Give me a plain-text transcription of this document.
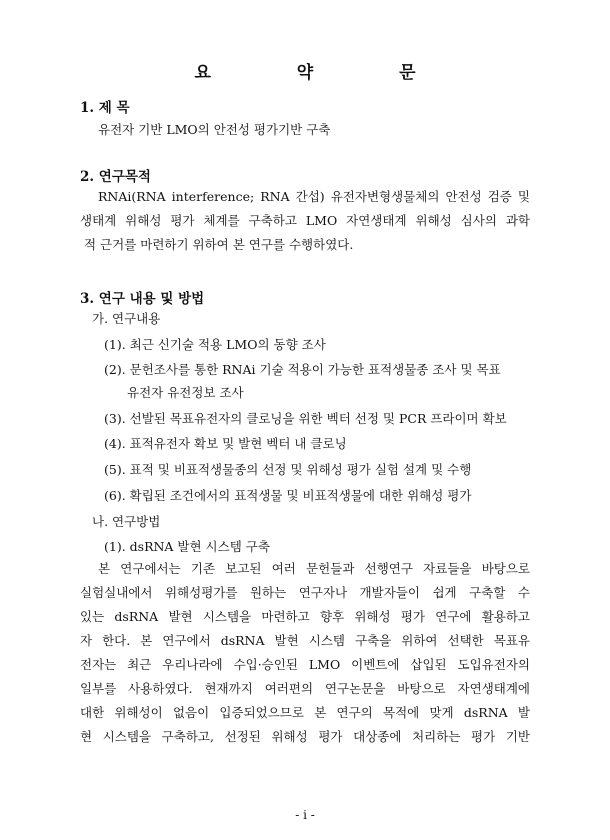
요 약 문
1. 제 목
유전자 기반 LMO의 안전성 평가기반 구축
2. 연구목적
RNAi(RNA interference; RNA 간섭) 유전자변형생물체의 안전성 검증 및
생태계 위해성 평가 체계를 구축하고 LMO 자연생태계 위해성 심사의 과학
적 근거를 마련하기 위하여 본 연구를 수행하였다.
3. 연구 내용 및 방법
가. 연구내용
(1). 최근 신기술 적용 LMO의 동향 조사
(2). 문헌조사를 통한 RNAi 기술 적용이 가능한 표적생물종 조사 및 목표
유전자 유전정보 조사
(3). 선발된 목표유전자의 클로닝을 위한 벡터 선정 및 PCR 프라이머 확보
(4). 표적유전자 확보 및 발현 벡터 내 클로닝
(5). 표적 및 비표적생물종의 선정 및 위해성 평가 실험 설계 및 수행
(6). 확립된 조건에서의 표적생물 및 비표적생물에 대한 위해성 평가
나. 연구방법
(1). dsRNA 발현 시스템 구축
본 연구에서는 기존 보고된 여러 문헌들과 선행연구 자료들을 바탕으로
실험실내에서 위해성평가를 원하는 연구자나 개발자들이 쉽게 구축할 수
있는 dsRNA 발현 시스템을 마련하고 향후 위해성 평가 연구에 활용하고
자 한다. 본 연구에서 dsRNA 발현 시스템 구축을 위하여 선택한 목표유
전자는 최근 우리나라에 수입·승인된 LMO 이벤트에 삽입된 도입유전자의
일부를 사용하였다. 현재까지 여러편의 연구논문을 바탕으로 자연생태계에
대한 위해성이 없음이 입증되었으므로 본 연구의 목적에 맞게 dsRNA 발
현 시스템을 구축하고, 선정된 위해성 평가 대상종에 처리하는 평가 기반
- i -
